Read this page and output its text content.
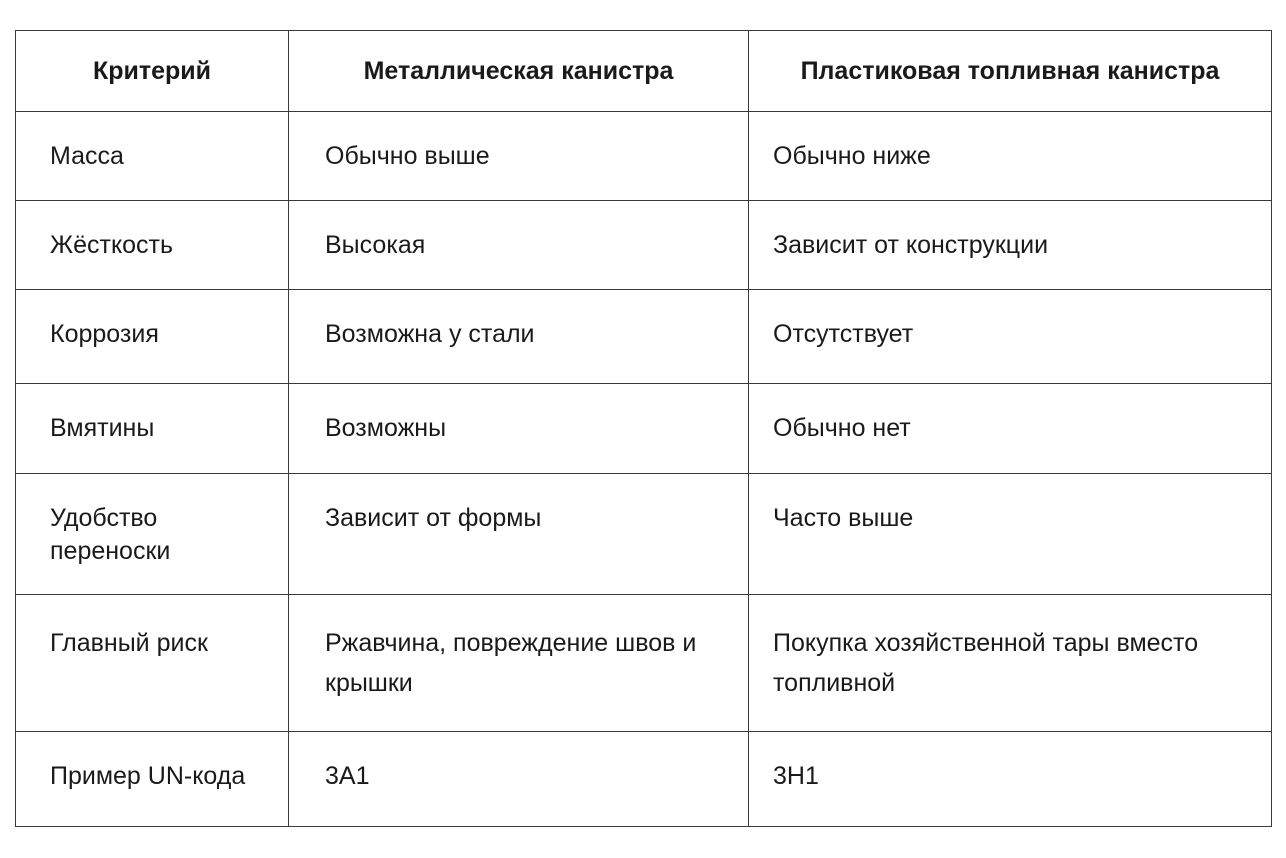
Критерий	Металлическая канистра	Пластиковая топливная канистра
Масса	Обычно выше	Обычно ниже
Жёсткость	Высокая	Зависит от конструкции
Коррозия	Возможна у стали	Отсутствует
Вмятины	Возможны	Обычно нет
Удобство переноски	Зависит от формы	Часто выше
Главный риск	Ржавчина, повреждение швов и крышки	Покупка хозяйственной тары вместо топливной
Пример UN-кода	3A1	3H1
